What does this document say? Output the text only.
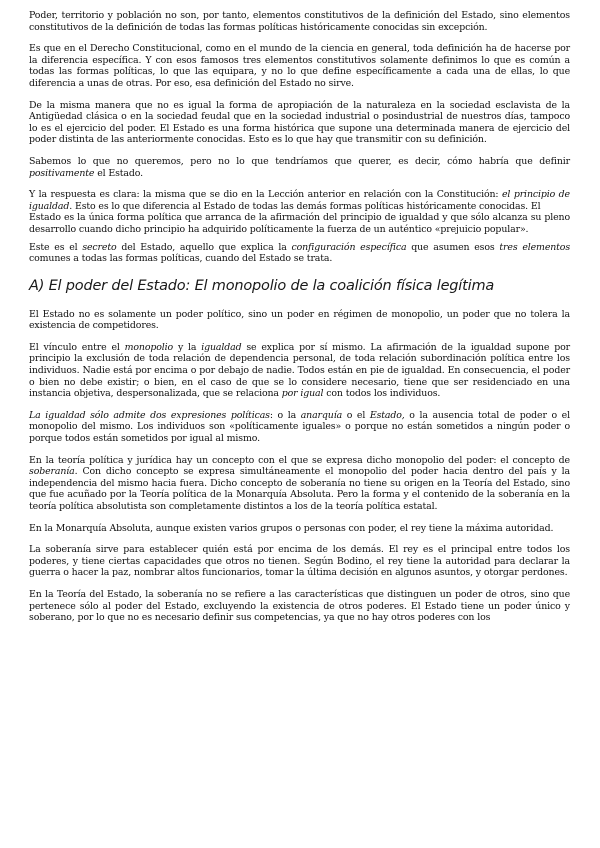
Poder, territorio y población no son, por tanto, elementos constitutivos de la definición del Estado, sino elementos constitutivos de la definición de todas las formas políticas históricamente conocidas sin excepción.

Es que en el Derecho Constitucional, como en el mundo de la ciencia en general, toda definición ha de hacerse por la diferencia específica. Y con esos famosos tres elementos constitutivos solamente definimos lo que es común a todas las formas políticas, lo que las equipara, y no lo que define específicamente a cada una de ellas, lo que diferencia a unas de otras. Por eso, esa definición del Estado no sirve.

De la misma manera que no es igual la forma de apropiación de la naturaleza en la sociedad esclavista de la Antigüedad clásica o en la sociedad feudal que en la sociedad industrial o posindustrial de nuestros días, tampoco lo es el ejercicio del poder. El Estado es una forma histórica que supone una determinada manera de ejercicio del poder distinta de las anteriormente conocidas. Esto es lo que hay que transmitir con su definición.

Sabemos lo que no queremos, pero no lo que tendríamos que querer, es decir, cómo habría que definir positivamente el Estado.

Y la respuesta es clara: la misma que se dio en la Lección anterior en relación con la Constitución: el principio de igualdad. Esto es lo que diferencia al Estado de todas las demás formas políticas históricamente conocidas. El
Estado es la única forma política que arranca de la afirmación del principio de igualdad y que sólo alcanza su pleno desarrollo cuando dicho principio ha adquirido políticamente la fuerza de un auténtico «prejuicio popular».

Este es el secreto del Estado, aquello que explica la configuración específica que asumen esos tres elementos comunes a todas las formas políticas, cuando del Estado se trata.

A) El poder del Estado: El monopolio de la coalición física legítima

El Estado no es solamente un poder político, sino un poder en régimen de monopolio, un poder que no tolera la existencia de competidores.

El vínculo entre el monopolio y la igualdad se explica por sí mismo. La afirmación de la igualdad supone por principio la exclusión de toda relación de dependencia personal, de toda relación subordinación política entre los individuos. Nadie está por encima o por debajo de nadie. Todos están en pie de igualdad. En consecuencia, el poder o bien no debe existir; o bien, en el caso de que se lo considere necesario, tiene que ser residenciado en una instancia objetiva, despersonalizada, que se relaciona por igual con todos los individuos.

La igualdad sólo admite dos expresiones políticas: o la anarquía o el Estado, o la ausencia total de poder o el monopolio del mismo. Los individuos son «políticamente iguales» o porque no están sometidos a ningún poder o porque todos están sometidos por igual al mismo.

En la teoría política y jurídica hay un concepto con el que se expresa dicho monopolio del poder: el concepto de soberanía. Con dicho concepto se expresa simultáneamente el monopolio del poder hacia dentro del país y la independencia del mismo hacia fuera. Dicho concepto de soberanía no tiene su origen en la Teoría del Estado, sino que fue acuñado por la Teoría política de la Monarquía Absoluta. Pero la forma y el contenido de la soberanía en la teoría política absolutista son completamente distintos a los de la teoría política estatal.

En la Monarquía Absoluta, aunque existen varios grupos o personas con poder, el rey tiene la máxima autoridad.

La soberanía sirve para establecer quién está por encima de los demás. El rey es el principal entre todos los poderes, y tiene ciertas capacidades que otros no tienen. Según Bodino, el rey tiene la autoridad para declarar la guerra o hacer la paz, nombrar altos funcionarios, tomar la última decisión en algunos asuntos, y otorgar perdones.

En la Teoría del Estado, la soberanía no se refiere a las características que distinguen un poder de otros, sino que pertenece sólo al poder del Estado, excluyendo la existencia de otros poderes. El Estado tiene un poder único y soberano, por lo que no es necesario definir sus competencias, ya que no hay otros poderes con los
